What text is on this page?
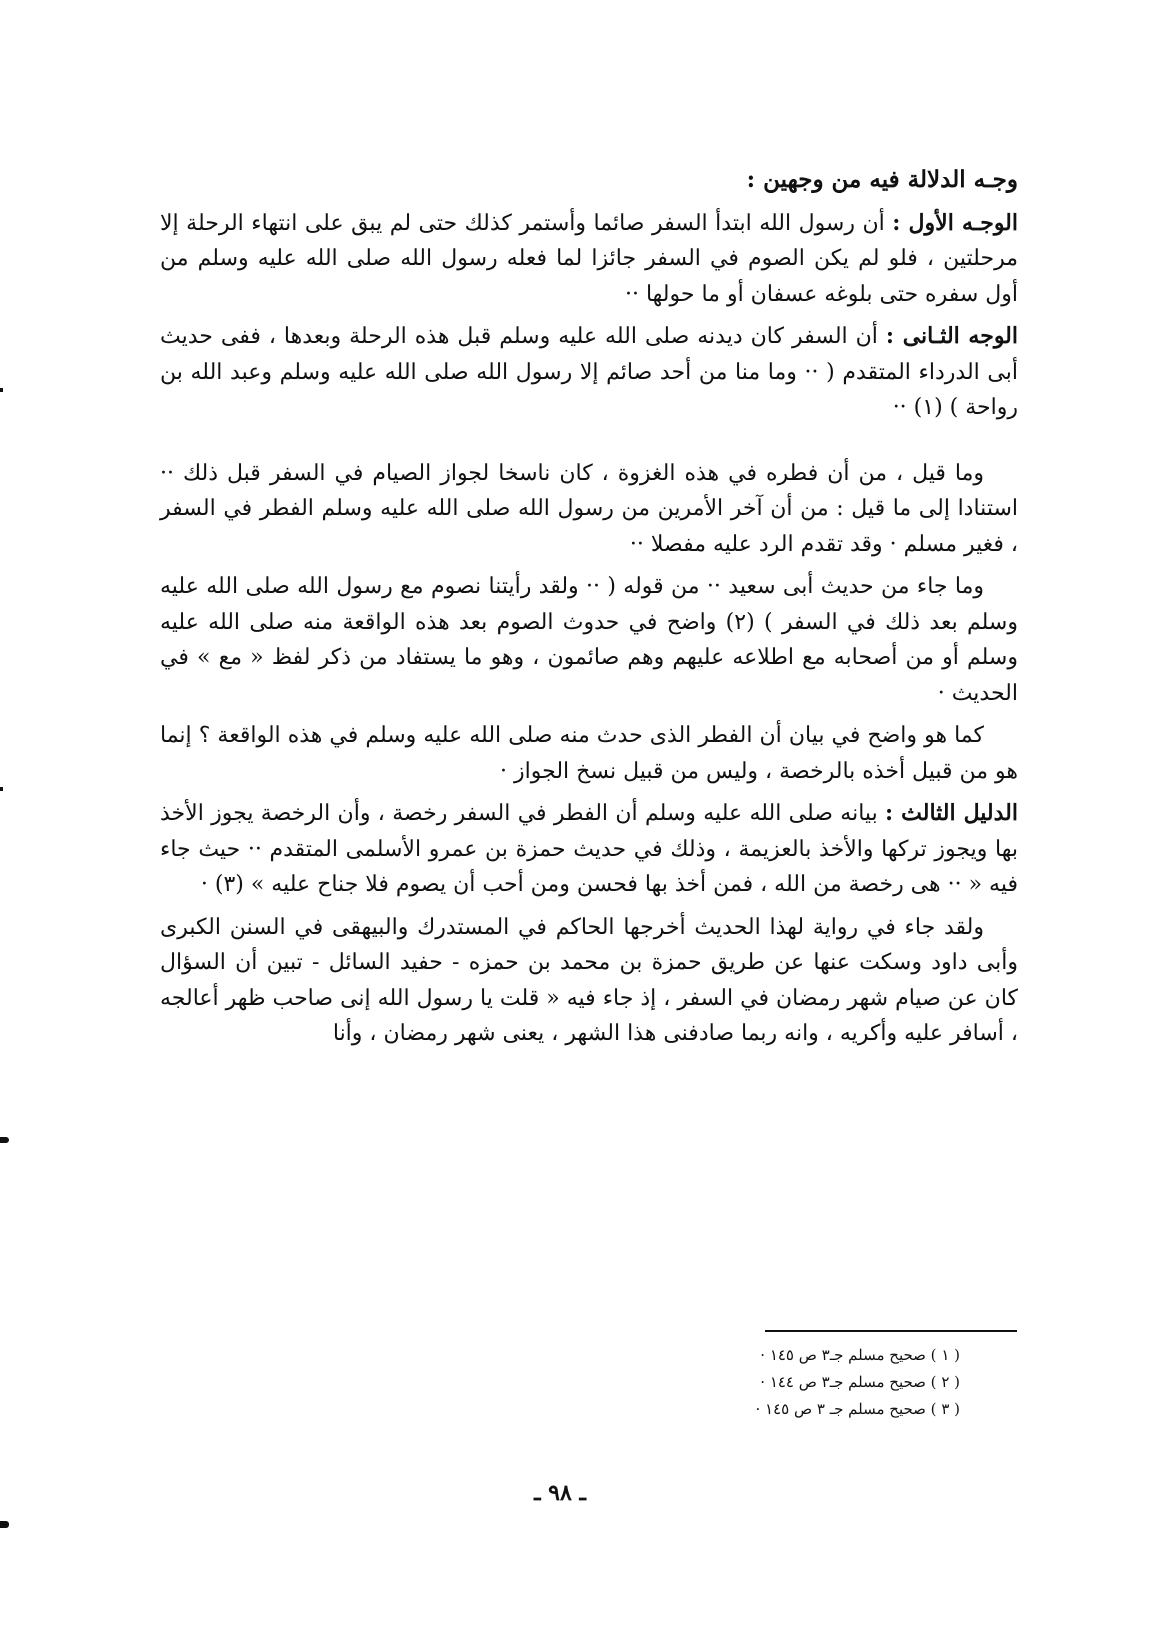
وجـه الدلالة فيه من وجهين :

الوجـه الأول : أن رسول الله ابتدأ السفر صائما وأستمر كذلك حتى لم يبق على انتهاء الرحلة إلا مرحلتين ، فلو لم يكن الصوم في السفر جائزا لما فعله رسول الله صلى الله عليه وسلم من أول سفره حتى بلوغه عسفان أو ما حولها ··

الوجه الثـانى : أن السفر كان ديدنه صلى الله عليه وسلم قبل هذه الرحلة وبعدها ، ففى حديث أبى الدرداء المتقدم ( ·· وما منا من أحد صائم إلا رسول الله صلى الله عليه وسلم وعبد الله بن رواحة ) (١) ··

وما قيل ، من أن فطره في هذه الغزوة ، كان ناسخا لجواز الصيام في السفر قبل ذلك ·· استنادا إلى ما قيل : من أن آخر الأمرين من رسول الله صلى الله عليه وسلم الفطر في السفر ، فغير مسلم · وقد تقدم الرد عليه مفصلا ··

وما جاء من حديث أبى سعيد ·· من قوله ( ·· ولقد رأيتنا نصوم مع رسول الله صلى الله عليه وسلم بعد ذلك في السفر ) (٢) واضح في حدوث الصوم بعد هذه الواقعة منه صلى الله عليه وسلم أو من أصحابه مع اطلاعه عليهم وهم صائمون ، وهو ما يستفاد من ذكر لفظ « مع » في الحديث ·

كما هو واضح في بيان أن الفطر الذى حدث منه صلى الله عليه وسلم في هذه الواقعة ؟ إنما هو من قبيل أخذه بالرخصة ، وليس من قبيل نسخ الجواز ·

الدليل الثالث : بيانه صلى الله عليه وسلم أن الفطر في السفر رخصة ، وأن الرخصة يجوز الأخذ بها ويجوز تركها والأخذ بالعزيمة ، وذلك في حديث حمزة بن عمرو الأسلمى المتقدم ·· حيث جاء فيه « ·· هى رخصة من الله ، فمن أخذ بها فحسن ومن أحب أن يصوم فلا جناح عليه » (٣) ·

ولقد جاء في رواية لهذا الحديث أخرجها الحاكم في المستدرك والبيهقى في السنن الكبرى وأبى داود وسكت عنها عن طريق حمزة بن محمد بن حمزه - حفيد السائل - تبين أن السؤال كان عن صيام شهر رمضان في السفر ، إذ جاء فيه « قلت يا رسول الله إنى صاحب ظهر أعالجه ، أسافر عليه وأكريه ، وانه ربما صادفنى هذا الشهر ، يعنى شهر رمضان ، وأنا

( ١ ) صحيح مسلم جـ٣ ص ١٤٥ ·

( ٢ ) صحيح مسلم جـ٣ ص ١٤٤ ·

( ٣ ) صحيح مسلم جـ ٣ ص ١٤٥ ·

ـ ٩٨ ـ
